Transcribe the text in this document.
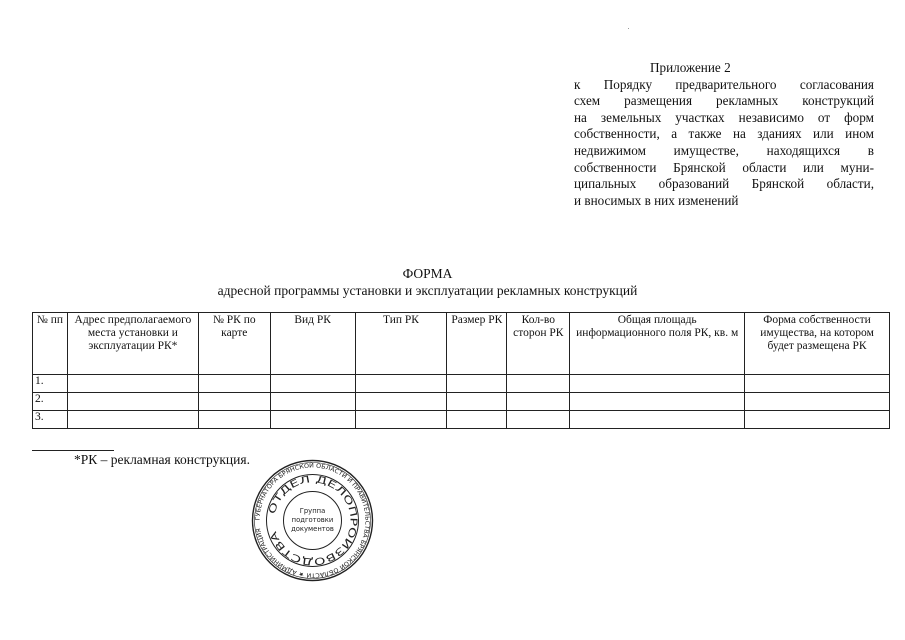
Приложение 2
к Порядку предварительного согласования
схем размещения рекламных конструкций
на земельных участках независимо от форм
собственности, а также на зданиях или ином
недвижимом имуществе, находящихся в
собственности Брянской области или муни-
ципальных образований Брянской области,
и вносимых в них изменений
ФОРМА
адресной программы установки и эксплуатации рекламных конструкций
№ пп	Адрес предполагаемого места установки и эксплуатации РК*	№ РК по карте	Вид РК	Тип РК	Размер РК	Кол-во сторон РК	Общая площадь информационного поля РК, кв. м	Форма собственности имущества, на котором будет размещена РК
1.								
2.								
3.								
*РК – рекламная конструкция.
ГУБЕРНАТОРА БРЯНСКОЙ ОБЛАСТИ И ПРАВИТЕЛЬСТВА БРЯНСКОЙ ОБЛАСТИ ★ АДМИНИСТРАЦИЯ
ОТДЕЛ ДЕЛОПРОИЗВОДСТВА
Группа
подготовки
документов
